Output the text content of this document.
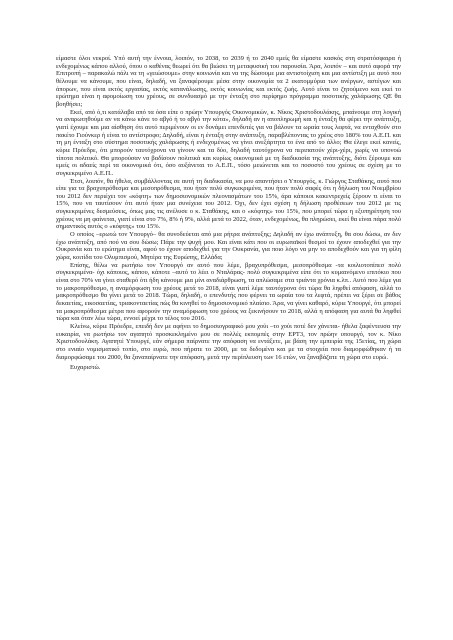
είμαστε όλοι νεκροί. Υπό αυτή την έννοια, λοιπόν, το 2038, το 2039 ή το 2040 εμείς θα είμαστε κασκός στη στρατόσφαιρα ή ενδεχομένως κάπου αλλού, όπου ο καθένας θεωρεί ότι θα βιώσει τη μεταφυσική του παρουσία. Άρα, λοιπόν – και αυτό αφορά την Επιτροπή – παρακαλώ πάλι να τη «γειώσουμε» στην κοινωνία και να της δώσουμε μια αντιστοίχιση και μια αντίστιξη με αυτό που θέλουμε να κάνουμε, που είναι, δηλαδή, να ξαναφέρουμε μέσα στην οικονομία τα 2 εκατομμύρια των ανέργων, αστέγων και άπορων, που είναι εκτός εργασίας, εκτός κατανάλωσης, εκτός κοινωνίας και εκτός ζωής. Αυτό είναι το ζητούμενο και εκεί το ερώτημα είναι η αφομοίωση του χρέους, σε συνδυασμό με την ένταξη στο περίφημο πρόγραμμα ποσοτικής χαλάρωσης QE θα βοηθήσει;

Εκεί, από ό,τι κατάλαβα από τα όσα είπε ο πρώην Υπουργός Οικονομικών, κ. Νίκος Χριστοδουλάκης, μπαίνουμε στη λογική να αναρωτηθούμε αν να κάνω κάνε το αβγό ή το αβγό την κότα», δηλαδή αν η αποπληρωμή και η ένταξη θα φέρει την ανάπτυξη, γιατί έχουμε και μια αίσθηση ότι αυτό περιμένουν οι εν δυνάμει επενδυτές για να βάλουν τα ωραία τους λεφτά, να ενταχθούν στο πακέτο Γιούνκερ ή είναι το αντίστροφο; Δηλαδή, είναι η ένταξη στην ανάπτυξη, παραβλέποντας το χρέος στο 180% του Α.Ε.Π. και τη μη ένταξη στο σύστημα ποσοτικής χαλάρωσης ή ενδεχομένως να γίνει ανεξάρτητα το ένα από το άλλο; Θα έλεγε εκεί κανείς, κύριε Πρόεδρε, ότι μπορούν ταυτόχρονα να γίνουν και τα δύο, δηλαδή ταυτόχρονα να περιπατούν χέρι-χέρι, χωρίς να υπονοώ τίποτα πολιτικό. Θα μπορούσαν να βαδίσουν πολιτικά και κυρίως οικονομικά με τη διαδικασία της ανάπτυξης, διότι ξέρουμε και εμείς οι αδαείς περί τα οικονομικά ότι, όσο αυξάνεται το Α.Ε.Π., τόσο μειώνεται και το ποσοστό του χρέους σε σχέση με το συγκεκριμένο Α.Ε.Π..

Έτσι, λοιπόν, θα ήθελα, συμβάλλοντας σε αυτή τη διαδικασία, να μου απαντήσει ο Υπουργός, κ. Γιώργος Σταθάκης, αυτό που είπε για τα βραχυπρόθεσμα και μεσοπρόθεσμα, που ήταν πολύ συγκεκριμένα, που ήταν πολύ σαφές ότι η δήλωση του Νοεμβρίου του 2012 δεν περιέχει τον «κόφτη» των δημοσιονομικών πλεονασμάτων του 15%, άρα κάποιοι κακεντρεχείς ξέρουν τι είναι το 15%, που να ταυτίσουν ότι αυτό ήταν μια συνέχεια του 2012. Όχι, δεν έχει σχέση η δήλωση προθέσεων του 2012 με τις συγκεκριμένες δεσμεύσεις, όπως μας τις ανέλυσε ο κ. Σταθάκης, και ο «κόφτης» του 15%, που μπορεί τώρα η εξυπηρέτηση του χρέους να μη φαίνεται, γιατί είναι στο 7%, 8% ή 9%, αλλά μετά το 2022, όταν, ενδεχομένως, θα πληρώσει, εκεί θα είναι πάρα πολύ σημαντικός αυτός ο «κόφτης» του 15%.

Ο οποίος –ερωτώ τον Υπουργό– θα συνοδεύεται από μια ρήτρα ανάπτυξης; Δηλαδή αν έχω ανάπτυξη, θα σου δώσω, αν δεν έχω ανάπτυξη, από πού να σου δώσω; Πάρε την ψυχή μου. Και είναι κάτι που οι ευρωπαϊκοί θεσμοί το έχουν αποδεχθεί για την Ουκρανία και το ερώτημα είναι, αφού το έχουν αποδεχθεί για την Ουκρανία, για ποιο λόγο να μην το αποδεχθούν και για τη φίλη χώρα, κοιτίδα του Ολυμπισμού, Μητέρα της Ευρώπης, Ελλάδα;

Επίσης, θέλω να ρωτήσω τον Υπουργό αν αυτό που λέμε, βραχυπρόθεσμα, μεσοπρόθεσμα -τα κοιλιοτοπίπεσ πολύ συγκεκριμένα- όχι κάποιος, κάπου, κάποτε –αυτό το λέει ο Νταλάρας- πολύ συγκεκριμένα είπε ότι το κυμαινόμενο επιτόκιο που είναι στο 70% να γίνει σταθερό ότι ήδη κάνουμε μια μίνι αναδιάρθρωση, τα απλώσαμε στα τριάντα χρόνια κ.λπ.. Αυτό που λέμε για το μακροπρόθεσμο, η αναμόρφωση του χρέους μετά το 2018, είναι γιατί λέμε ταυτόχρονα ότι τώρα θα ληφθεί απόφαση, αλλά το μακροπρόθεσμο θα γίνει μετά το 2018. Τώρα, δηλαδή, ο επενδυτής που φέρνει τα ωραία του τα λεφτά, πρέπει να ξέρει σε βάθος δεκαετίας, εικοσαετίας, τριακονταετίας πώς θα κινηθεί το δημοσιονομικό πλαίσιο. Άρα, να γίνει καθαρό, κύριε Υπουργέ, ότι μπορεί τα μακροπρόθεσμα μέτρα που αφορούν την αναμόρφωση του χρέους να ξεκινήσουν το 2018, αλλά η απόφαση για αυτά θα ληφθεί τώρα και όταν λέω τώρα, εννοεί μέχρι το τέλος του 2016.

Κλείνω, κύριε Πρόεδρε, επειδή δεν με αφήνει το δημοσιογραφικό μου χούι –το χούι ποτέ δεν χάνεται- ήθελα ξαφέντευσα την ευκαιρία, να ρωτήσω τον αγαπητό προσκεκλημένο μου σε πολλές εκπομπές στην ΕΡΤ3, τον πρώην υπουργό, τον κ. Νίκο Χριστοδουλάκη. Αγαπητέ Υπουργέ, εάν σήμερα παίρνατε την απόφαση να εντάξετε, με βάση την εμπειρία της 15ετίας, τη χώρα στο ενιαίο νομισματικό τοπίο, στο ευρώ, που πήρατε το 2000, με τα δεδομένα και με τα στοιχεία που διαμορφώθηκαν ή τα διαμορφώσαμε του 2000, θα ξαναπαίρνατε την απόφαση, μετά την περίπλευση των 16 ετών, να ξαναβάζατε τη χώρα στο ευρώ.

Ευχαριστώ.
